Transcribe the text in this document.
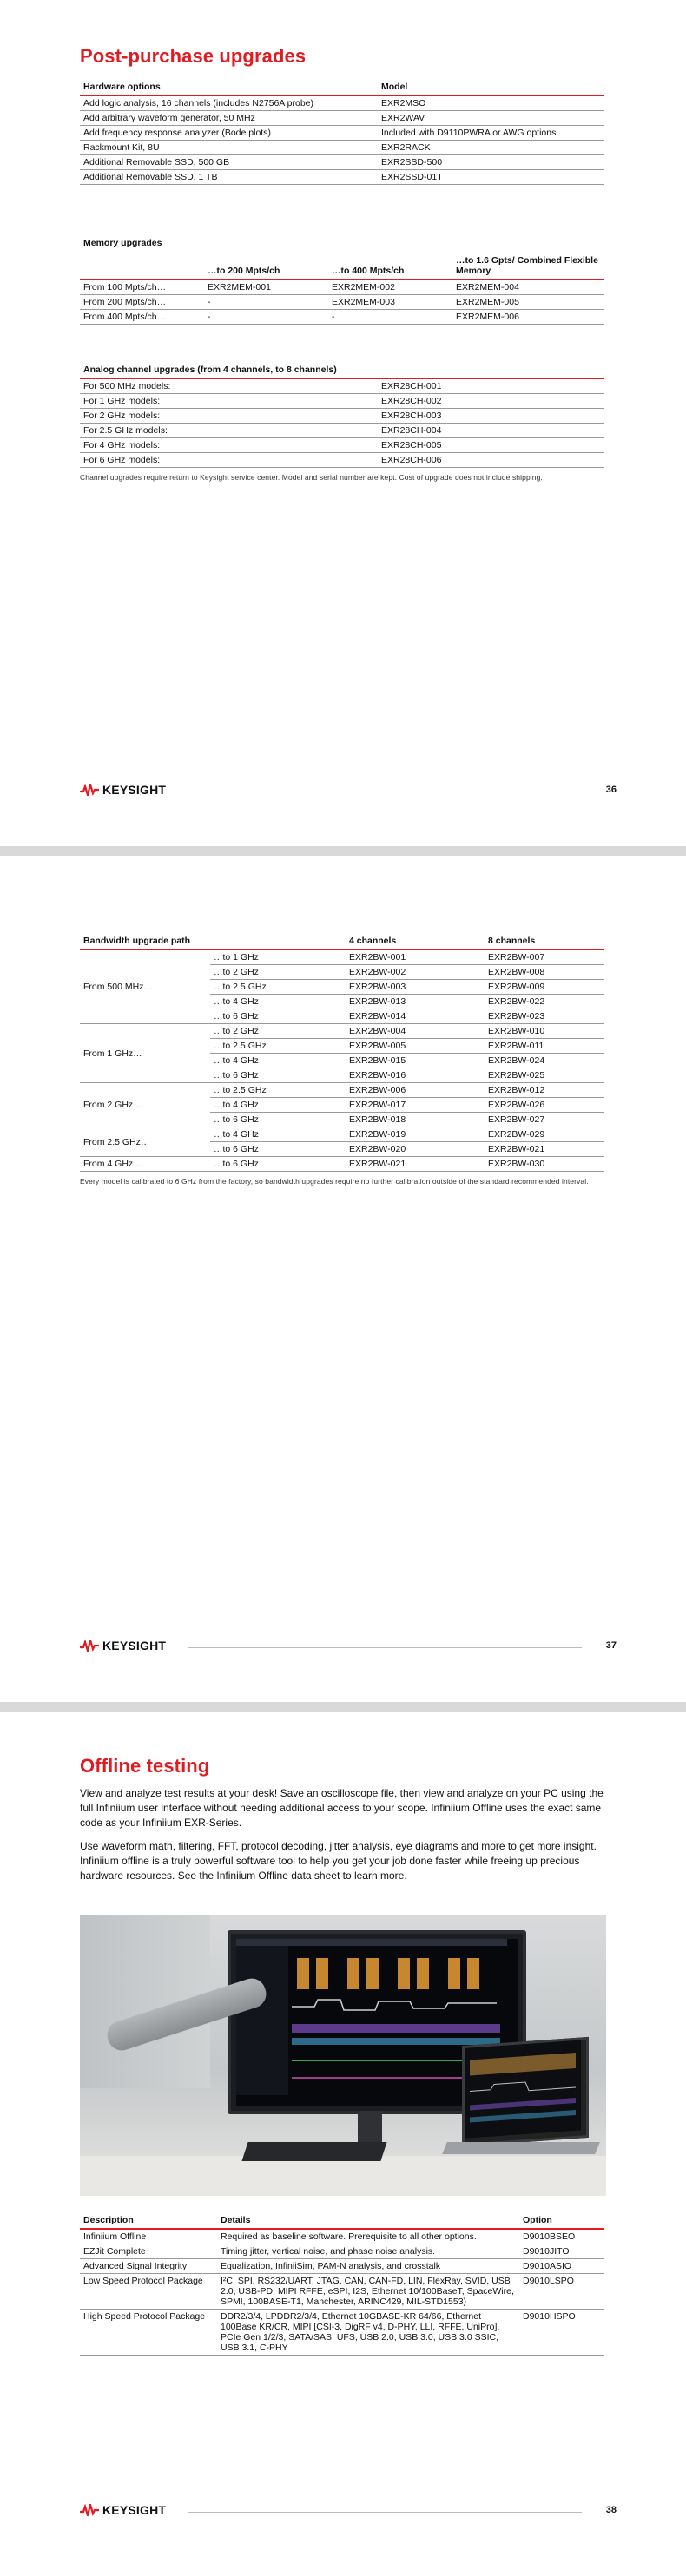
Post-purchase upgrades
Hardware options	Model
Add logic analysis, 16 channels (includes N2756A probe)	EXR2MSO
Add arbitrary waveform generator, 50 MHz	EXR2WAV
Add frequency response analyzer (Bode plots)	Included with D9110PWRA or AWG options
Rackmount Kit, 8U	EXR2RACK
Additional Removable SSD, 500 GB	EXR2SSD-500
Additional Removable SSD, 1 TB	EXR2SSD-01T
Memory upgrades			
	…to 200 Mpts/ch	…to 400 Mpts/ch	…to 1.6 Gpts/ Combined Flexible Memory
From 100 Mpts/ch…	EXR2MEM-001	EXR2MEM-002	EXR2MEM-004
From 200 Mpts/ch…	-	EXR2MEM-003	EXR2MEM-005
From 400 Mpts/ch…	-	-	EXR2MEM-006
Analog channel upgrades (from 4 channels, to 8 channels)	
For 500 MHz models:	EXR28CH-001
For 1 GHz models:	EXR28CH-002
For 2 GHz models:	EXR28CH-003
For 2.5 GHz models:	EXR28CH-004
For 4 GHz models:	EXR28CH-005
For 6 GHz models:	EXR28CH-006

Channel upgrades require return to Keysight service center. Model and serial number are kept. Cost of upgrade does not include shipping.

KEYSIGHT	36
Bandwidth upgrade path		4 channels	8 channels
From 500 MHz…	…to 1 GHz	EXR2BW-001	EXR2BW-007
	…to 2 GHz	EXR2BW-002	EXR2BW-008
	…to 2.5 GHz	EXR2BW-003	EXR2BW-009
	…to 4 GHz	EXR2BW-013	EXR2BW-022
	…to 6 GHz	EXR2BW-014	EXR2BW-023
From 1 GHz…	…to 2 GHz	EXR2BW-004	EXR2BW-010
	…to 2.5 GHz	EXR2BW-005	EXR2BW-011
	…to 4 GHz	EXR2BW-015	EXR2BW-024
	…to 6 GHz	EXR2BW-016	EXR2BW-025
From 2 GHz…	…to 2.5 GHz	EXR2BW-006	EXR2BW-012
	…to 4 GHz	EXR2BW-017	EXR2BW-026
	…to 6 GHz	EXR2BW-018	EXR2BW-027
From 2.5 GHz…	…to 4 GHz	EXR2BW-019	EXR2BW-029
	…to 6 GHz	EXR2BW-020	EXR2BW-021
From 4 GHz…	…to 6 GHz	EXR2BW-021	EXR2BW-030

Every model is calibrated to 6 GHz from the factory, so bandwidth upgrades require no further calibration outside of the standard recommended interval.

KEYSIGHT	37
Offline testing

View and analyze test results at your desk! Save an oscilloscope file, then view and analyze on your PC using the full Infiniium user interface without needing additional access to your scope. Infiniium Offline uses the exact same code as your Infiniium EXR-Series.

Use waveform math, filtering, FFT, protocol decoding, jitter analysis, eye diagrams and more to get more insight. Infiniium offline is a truly powerful software tool to help you get your job done faster while freeing up precious hardware resources. See the Infiniium Offline data sheet to learn more.

Description	Details	Option
Infiniium Offline	Required as baseline software. Prerequisite to all other options.	D9010BSEO
EZJit Complete	Timing jitter, vertical noise, and phase noise analysis.	D9010JITO
Advanced Signal Integrity	Equalization, InfiniiSim, PAM-N analysis, and crosstalk	D9010ASIO
Low Speed Protocol Package	I²C, SPI, RS232/UART, JTAG, CAN, CAN-FD, LIN, FlexRay, SVID, USB 2.0, USB-PD, MIPI RFFE, eSPI, I2S, Ethernet 10/100BaseT, SpaceWire, SPMI, 100BASE-T1, Manchester, ARINC429, MIL-STD1553)	D9010LSPO
High Speed Protocol Package	DDR2/3/4, LPDDR2/3/4, Ethernet 10GBASE-KR 64/66, Ethernet 100Base KR/CR, MIPI [CSI-3, DigRF v4, D-PHY, LLI, RFFE, UniPro], PCIe Gen 1/2/3, SATA/SAS, UFS, USB 2.0, USB 3.0, USB 3.0 SSIC, USB 3.1, C-PHY	D9010HSPO
KEYSIGHT	38
